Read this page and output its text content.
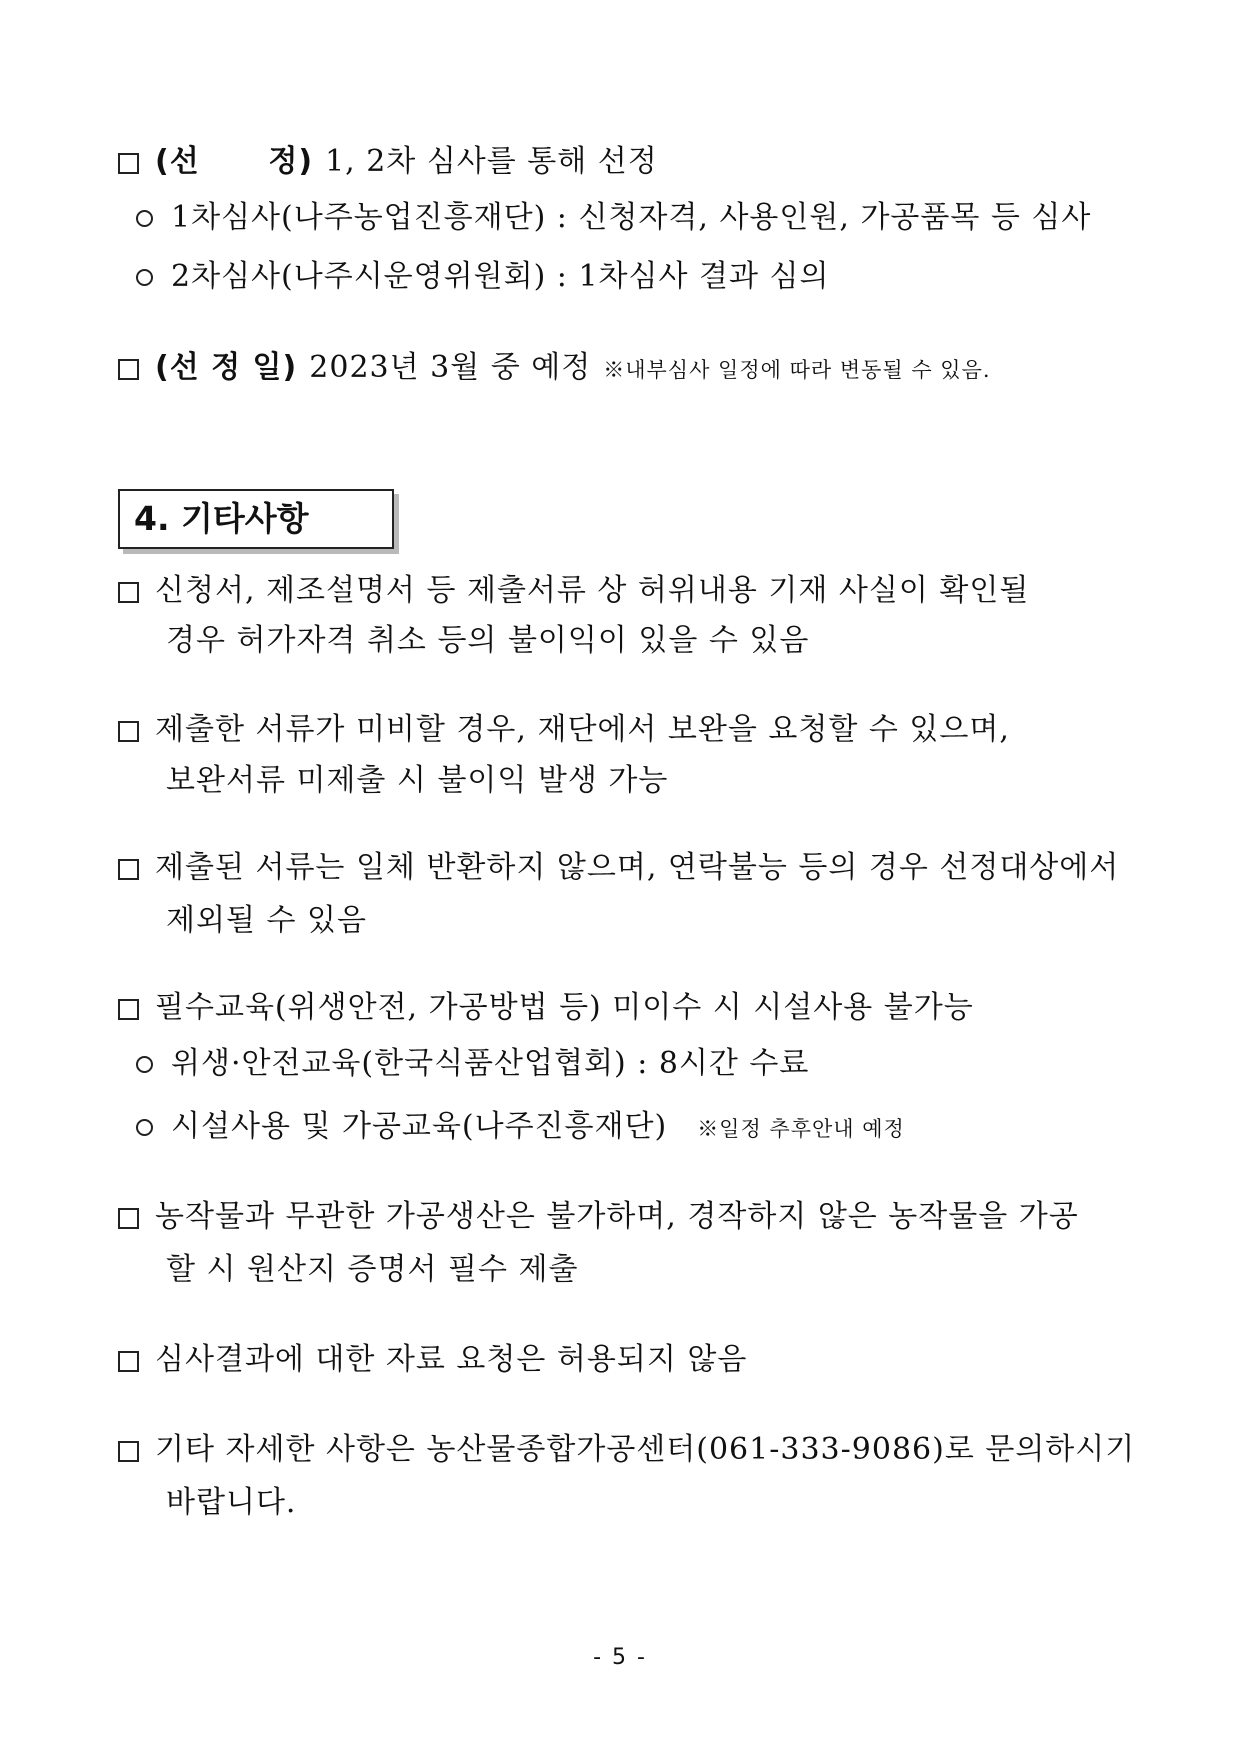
(선      정) 1, 2차 심사를 통해 선정
1차심사(나주농업진흥재단) : 신청자격, 사용인원, 가공품목 등 심사
2차심사(나주시운영위원회) : 1차심사 결과 심의
(선 정 일) 2023년 3월 중 예정 ※내부심사 일정에 따라 변동될 수 있음.
4. 기타사항
신청서, 제조설명서 등 제출서류 상 허위내용 기재 사실이 확인될
경우 허가자격 취소 등의 불이익이 있을 수 있음
제출한 서류가 미비할 경우, 재단에서 보완을 요청할 수 있으며,
보완서류 미제출 시 불이익 발생 가능
제출된 서류는 일체 반환하지 않으며, 연락불능 등의 경우 선정대상에서
제외될 수 있음
필수교육(위생안전, 가공방법 등) 미이수 시 시설사용 불가능
위생·안전교육(한국식품산업협회) : 8시간 수료
시설사용 및 가공교육(나주진흥재단) ※일정 추후안내 예정
농작물과 무관한 가공생산은 불가하며, 경작하지 않은 농작물을 가공
할 시 원산지 증명서 필수 제출
심사결과에 대한 자료 요청은 허용되지 않음
기타 자세한 사항은 농산물종합가공센터(061-333-9086)로 문의하시기
바랍니다.
- 5 -
